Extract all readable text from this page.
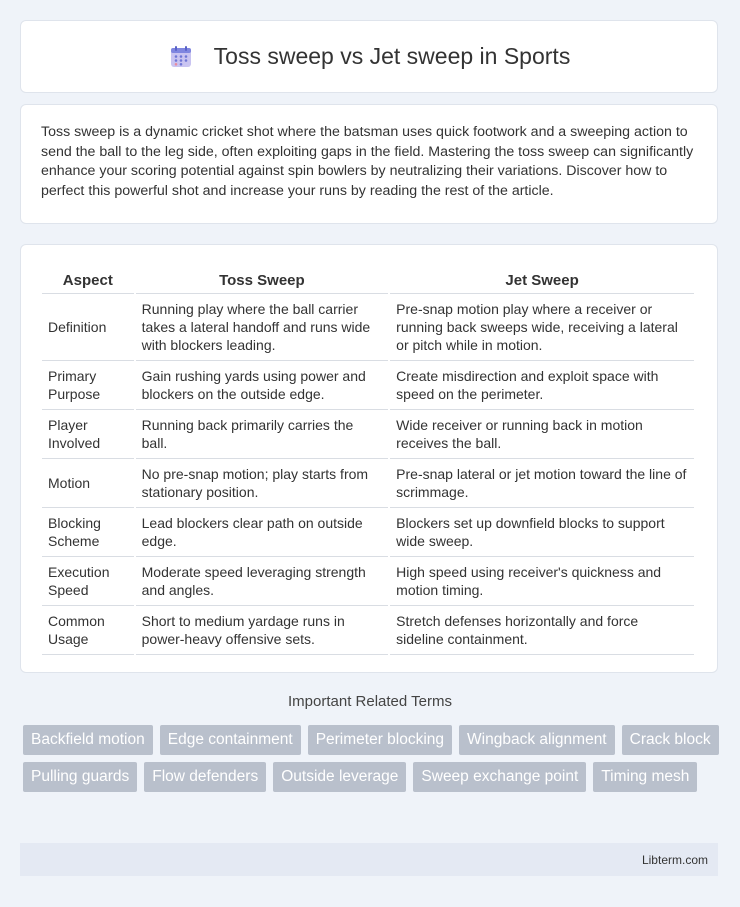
Toss sweep vs Jet sweep in Sports

Toss sweep is a dynamic cricket shot where the batsman uses quick footwork and a sweeping action to send the ball to the leg side, often exploiting gaps in the field. Mastering the toss sweep can significantly enhance your scoring potential against spin bowlers by neutralizing their variations. Discover how to perfect this powerful shot and increase your runs by reading the rest of the article.

Aspect	Toss Sweep	Jet Sweep
Definition	Running play where the ball carrier takes a lateral handoff and runs wide with blockers leading.	Pre-snap motion play where a receiver or running back sweeps wide, receiving a lateral or pitch while in motion.
Primary Purpose	Gain rushing yards using power and blockers on the outside edge.	Create misdirection and exploit space with speed on the perimeter.
Player Involved	Running back primarily carries the ball.	Wide receiver or running back in motion receives the ball.
Motion	No pre-snap motion; play starts from stationary position.	Pre-snap lateral or jet motion toward the line of scrimmage.
Blocking Scheme	Lead blockers clear path on outside edge.	Blockers set up downfield blocks to support wide sweep.
Execution Speed	Moderate speed leveraging strength and angles.	High speed using receiver's quickness and motion timing.
Common Usage	Short to medium yardage runs in power-heavy offensive sets.	Stretch defenses horizontally and force sideline containment.
Important Related Terms
Backfield motion	Edge containment	Perimeter blocking	Wingback alignment	Crack block
Pulling guards	Flow defenders	Outside leverage	Sweep exchange point	Timing mesh
Libterm.com
